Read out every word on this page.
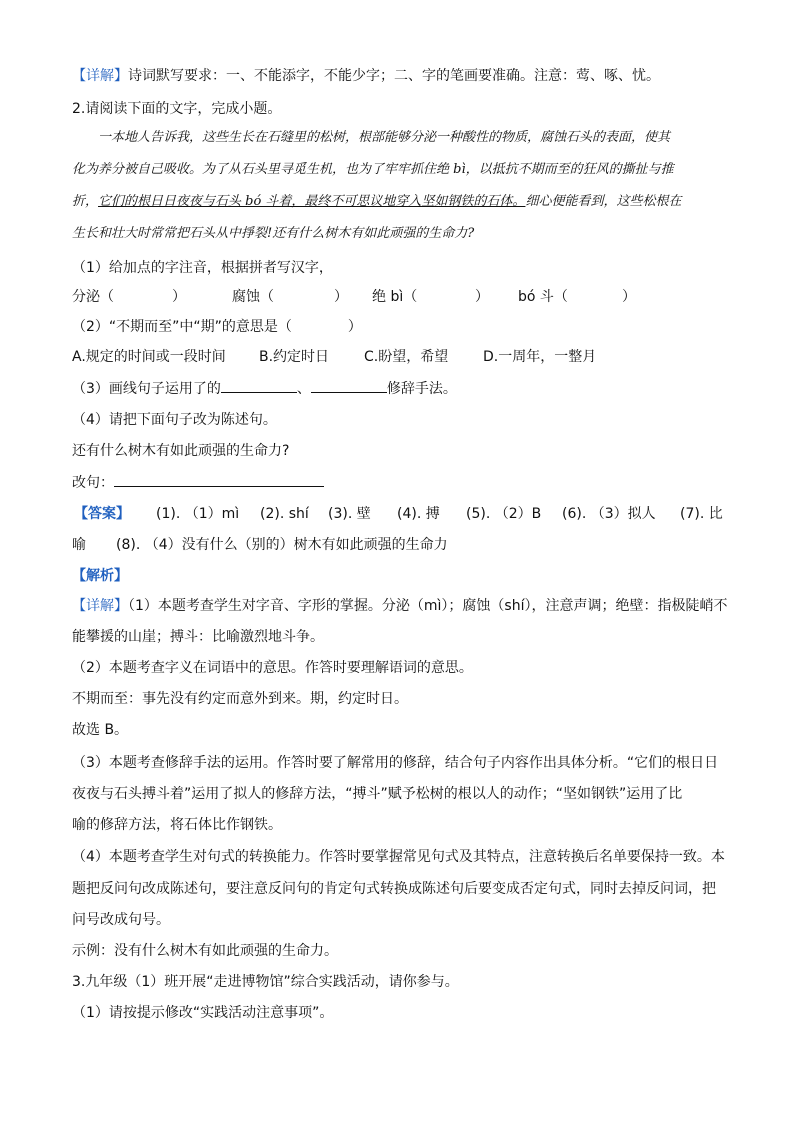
【详解】诗词默写要求：一、不能添字，不能少字；二、字的笔画要准确。注意：莺、啄、忧。
2.请阅读下面的文字，完成小题。
一本地人告诉我，这些生长在石缝里的松树，根部能够分泌一种酸性的物质，腐蚀石头的表面，使其
化为养分被自己吸收。为了从石头里寻觅生机，也为了牢牢抓住绝 bì，以抵抗不期而至的狂风的撕扯与推
折，它们的根日日夜夜与石头 bó 斗着，最终不可思议地穿入坚如钢铁的石体。细心便能看到，这些松根在
生长和壮大时常常把石头从中掙裂!还有什么树木有如此顽强的生命力?
（1）给加点的字注音，根据拼者写汉字，
分泌（	）	腐蚀（	） 绝 bì（	） bó 斗（	）
（2）“不期而至”中“期”的意思是（	）
A.规定的时间或一段时间 B.约定时日 C.盼望，希望 D.一周年，一整月
（3）画线句子运用了的	、	修辞手法。
（4）请把下面句子改为陈述句。
还有什么树木有如此顽强的生命力?
改句：
【答案】 (1). （1）mì (2). shí (3). 壁 (4). 搏 (5). （2）B (6). （3）拟人 (7). 比
喻 (8). （4）没有什么（别的）树木有如此顽强的生命力
【解析】
【详解】（1）本题考查学生对字音、字形的掌握。分泌（mì）；腐蚀（shí），注意声调；绝壁：指极陡峭不
能攀援的山崖；搏斗：比喻激烈地斗争。
（2）本题考查字义在词语中的意思。作答时要理解语词的意思。
不期而至：事先没有约定而意外到来。期，约定时日。
故选 B。
（3）本题考查修辞手法的运用。作答时要了解常用的修辞，结合句子内容作出具体分析。“它们的根日日
夜夜与石头搏斗着”运用了拟人的修辞方法，“搏斗”赋予松树的根以人的动作；“坚如钢铁”运用了比
喻的修辞方法，将石体比作钢铁。
（4）本题考查学生对句式的转换能力。作答时要掌握常见句式及其特点，注意转换后名单要保持一致。本
题把反问句改成陈述句，要注意反问句的肯定句式转换成陈述句后要变成否定句式，同时去掉反问词，把
问号改成句号。
示例：没有什么树木有如此顽强的生命力。
3.九年级（1）班开展“走进博物馆”综合实践活动，请你参与。
（1）请按提示修改“实践活动注意事项”。
